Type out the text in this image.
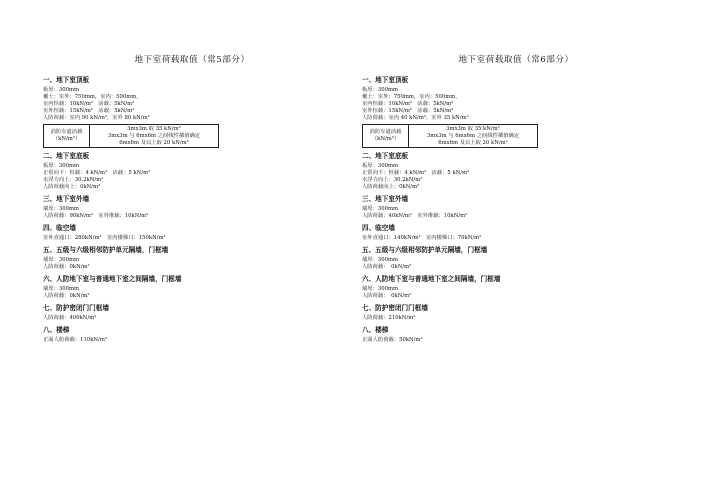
地下室荷载取值（常5部分）
一、地下室顶板
板厚：300mm
覆土：室外：750mm，室内：500mm，
室内恒载：10kN/m²　活载：5kN/m²
室外恒载：15kN/m²　活载：5kN/m²
人防荷载：室内 90 kN/m²，室外 80 kN/m²
消防车道活载
（kN/m²）

3mx3m 取 35 kN/m²
3mx3m 与 6mx6m 之间线性插值确定
6mx6m 及以上取 20 kN/m²
二、地下室底板
板厚：300mm
正常向下：恒载：4 kN/m²　活载：5 kN/m²
水浮力向上：30.2kN/m²
人防荷载向上：0kN/m²
三、地下室外墙
墙厚：300mm
人防荷载：90kN/m²　室外堆载：10kN/m²
四、临空墙
室外直通口：280kN/m²　室内楼梯口：150kN/m²
五、五级与六级相邻防护单元隔墙，门框墙
墙厚：300mm
人防荷载：0kN/m²
六、人防地下室与普通地下室之间隔墙，门框墙
墙厚：300mm
人防荷载：0kN/m²
七、防护密闭门门框墙
人防荷载：400kN/m²
八、楼梯
正面人防荷载：110kN/m²
地下室荷载取值（常6部分）
一、地下室顶板
板厚：300mm
覆土：室外：750mm，室内：500mm，
室内恒载：10kN/m²　活载：5kN/m²
室外恒载：15kN/m²　活载：5kN/m²
人防荷载：室内 40 kN/m²，室外 35 kN/m²
消防车道活载
（kN/m²）

3mx3m 取 35 kN/m²
3mx3m 与 6mx6m 之间线性插值确定
6mx6m 及以上取 20 kN/m²
二、地下室底板
板厚：300mm
正常向下：恒载：4 kN/m²　活载：5 kN/m²
水浮力向上：30.2kN/m²
人防荷载向上：0kN/m²
三、地下室外墙
墙厚：300mm
人防荷载：40kN/m²　室外堆载：10kN/m²
四、临空墙
室外直通口：140kN/m²　室内楼梯口：70kN/m²
五、五级与六级相邻防护单元隔墙，门框墙
墙厚：300mm
人防荷载：　0kN/m²
六、人防地下室与普通地下室之间隔墙，门框墙
墙厚：300mm
人防荷载：　0kN/m²
七、防护密闭门门框墙
人防荷载：210kN/m²
八、楼梯
正面人防荷载：50kN/m²
